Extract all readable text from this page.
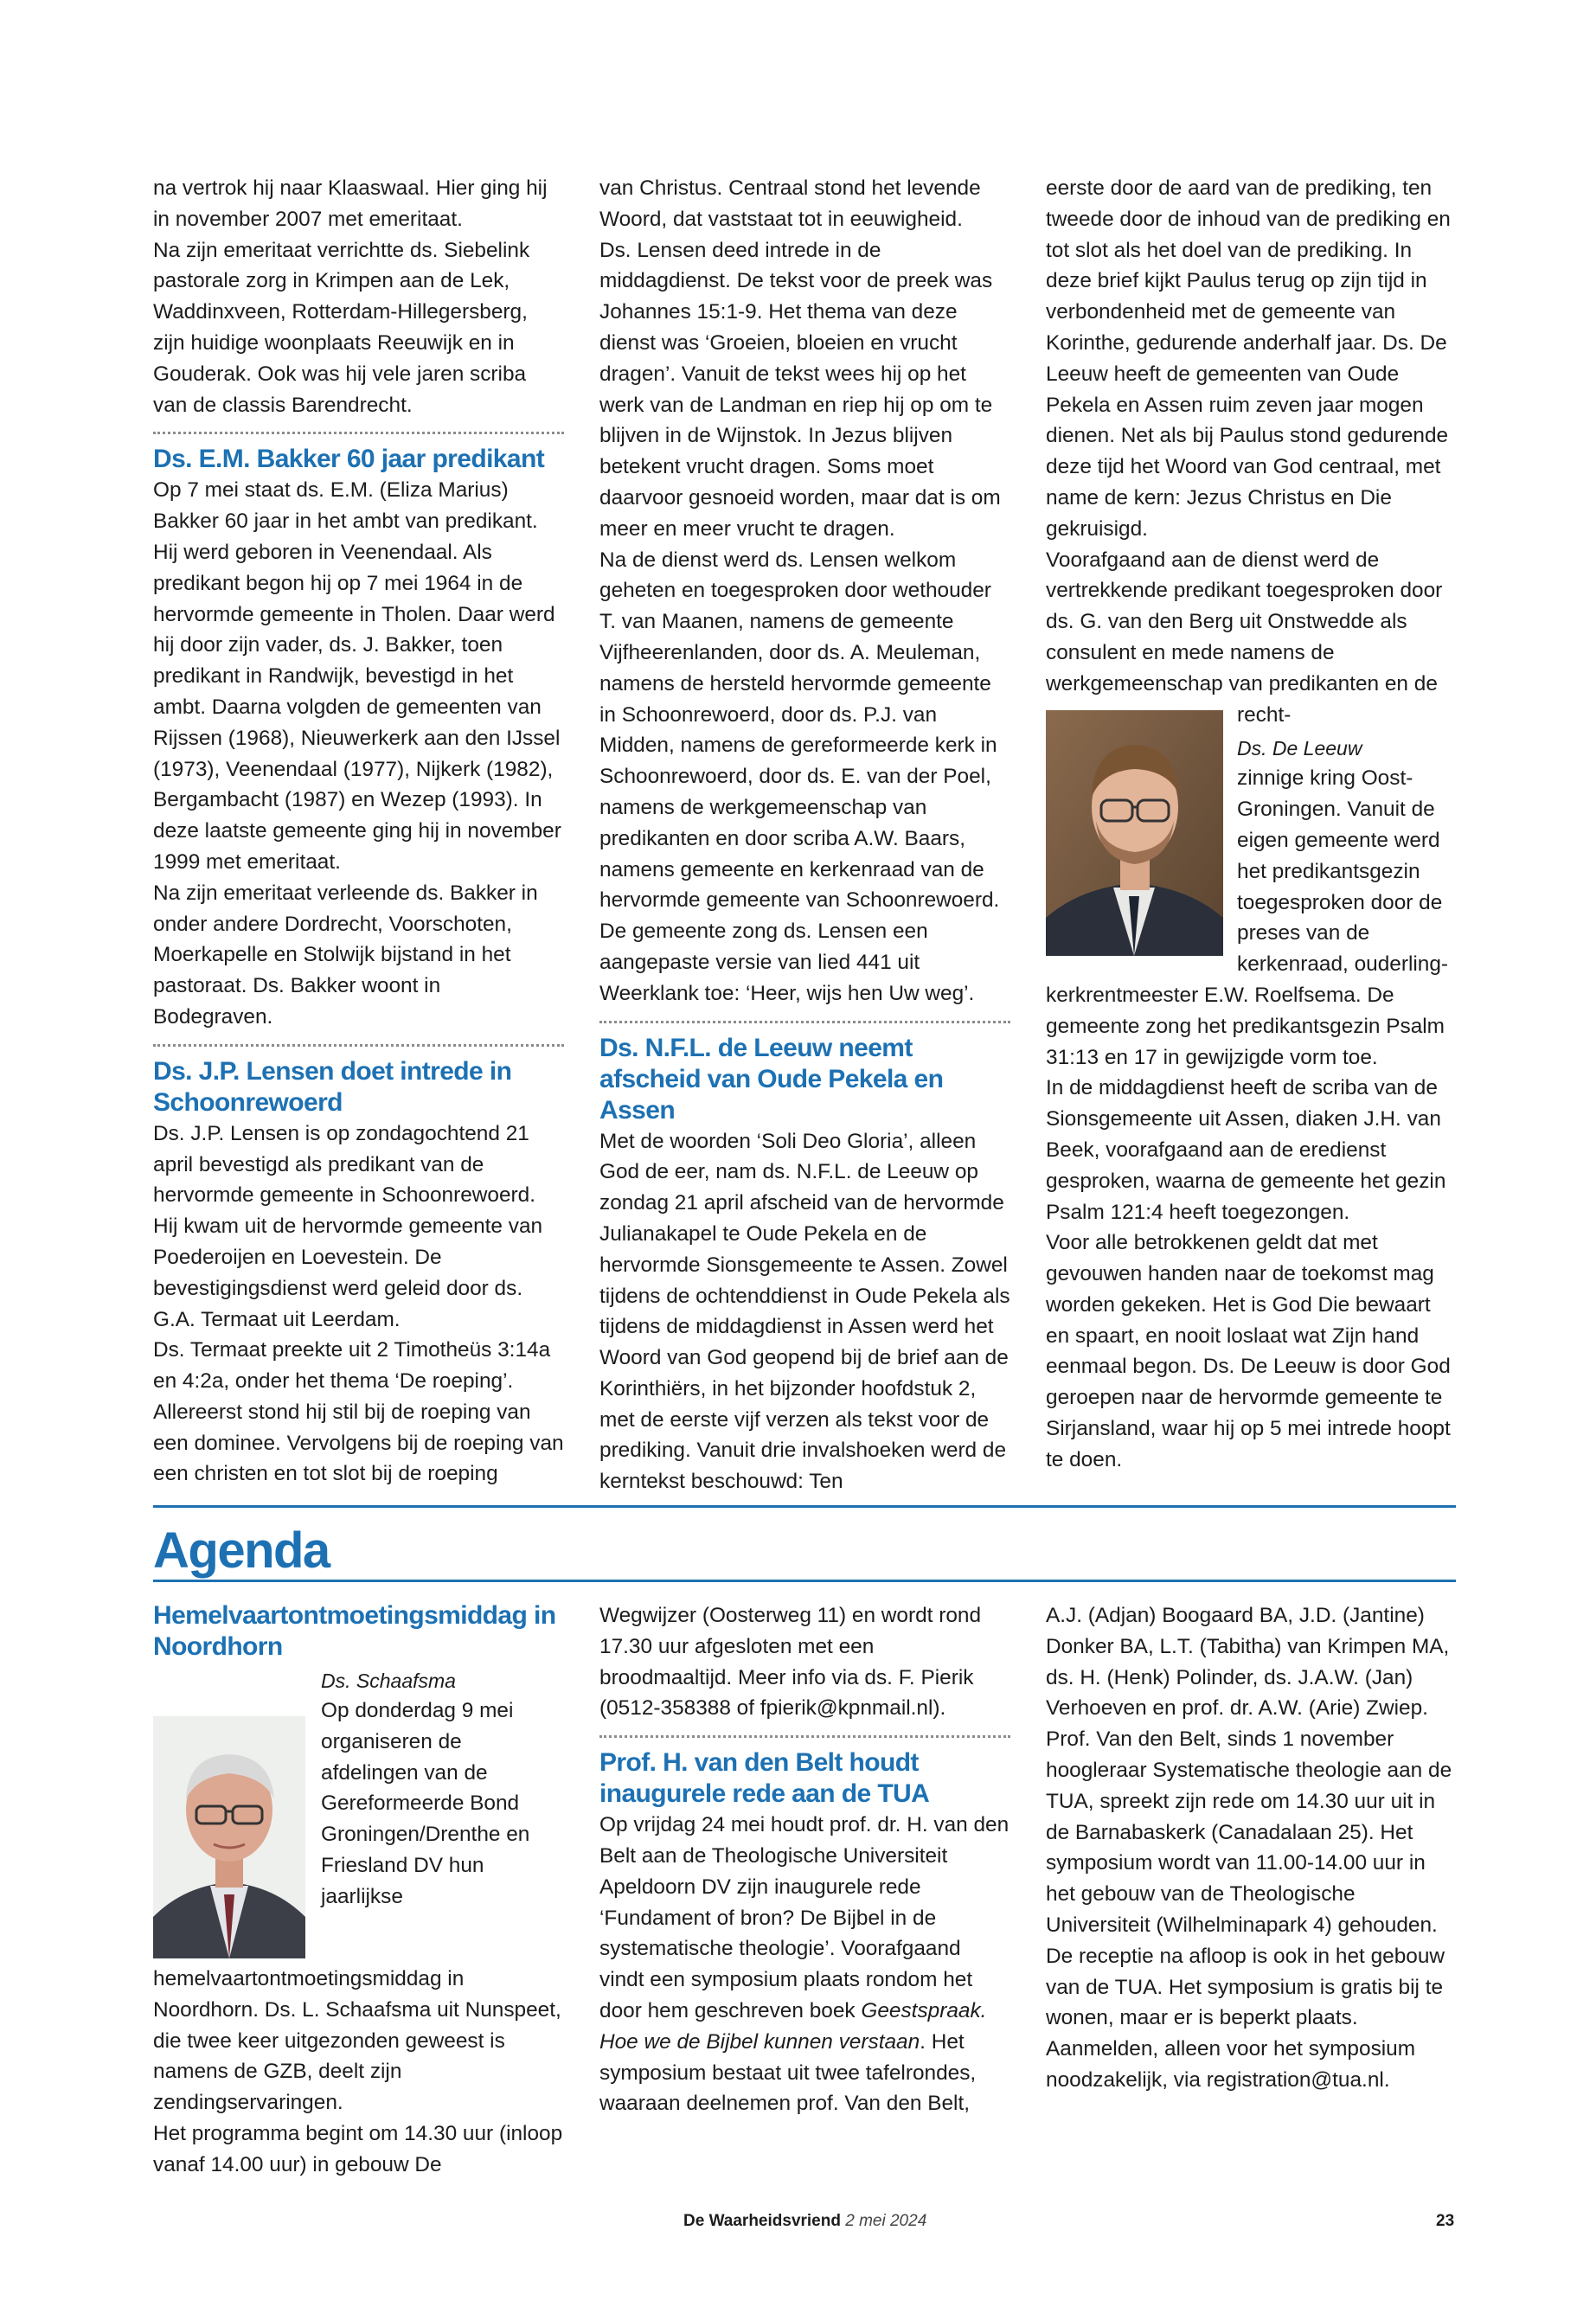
na vertrok hij naar Klaaswaal. Hier ging hij in november 2007 met emeritaat.

Na zijn emeritaat verrichtte ds. Siebelink pastorale zorg in Krimpen aan de Lek, Waddinxveen, Rotterdam-Hillegersberg, zijn huidige woonplaats Reeuwijk en in Gouderak. Ook was hij vele jaren scriba van de classis Barendrecht.

Ds. E.M. Bakker 60 jaar predikant

Op 7 mei staat ds. E.M. (Eliza Marius) Bakker 60 jaar in het ambt van predikant. Hij werd geboren in Veenendaal. Als predikant begon hij op 7 mei 1964 in de hervormde gemeente in Tholen. Daar werd hij door zijn vader, ds. J. Bakker, toen predikant in Randwijk, bevestigd in het ambt. Daarna volgden de gemeenten van Rijssen (1968), Nieuwerkerk aan den IJssel (1973), Veenendaal (1977), Nijkerk (1982), Bergambacht (1987) en Wezep (1993). In deze laatste gemeente ging hij in november 1999 met emeritaat.

Na zijn emeritaat verleende ds. Bakker in onder andere Dordrecht, Voorschoten, Moerkapelle en Stolwijk bijstand in het pastoraat. Ds. Bakker woont in Bodegraven.

Ds. J.P. Lensen doet intrede in Schoonrewoerd

Ds. J.P. Lensen is op zondagochtend 21 april bevestigd als predikant van de hervormde gemeente in Schoonrewoerd. Hij kwam uit de hervormde gemeente van Poederoijen en Loevestein. De bevestigingsdienst werd geleid door ds. G.A. Termaat uit Leerdam.

Ds. Termaat preekte uit 2 Timotheüs 3:14a en 4:2a, onder het thema ‘De roeping’. Allereerst stond hij stil bij de roeping van een dominee. Vervolgens bij de roeping van een christen en tot slot bij de roeping

van Christus. Centraal stond het levende Woord, dat vaststaat tot in eeuwigheid.

Ds. Lensen deed intrede in de middagdienst. De tekst voor de preek was Johannes 15:1-9. Het thema van deze dienst was ‘Groeien, bloeien en vrucht dragen’. Vanuit de tekst wees hij op het werk van de Landman en riep hij op om te blijven in de Wijnstok. In Jezus blijven betekent vrucht dragen. Soms moet daarvoor gesnoeid worden, maar dat is om meer en meer vrucht te dragen.

Na de dienst werd ds. Lensen welkom geheten en toegesproken door wethouder T. van Maanen, namens de gemeente Vijfheerenlanden, door ds. A. Meuleman, namens de hersteld hervormde gemeente in Schoonrewoerd, door ds. P.J. van Midden, namens de gereformeerde kerk in Schoonrewoerd, door ds. E. van der Poel, namens de werkgemeenschap van predikanten en door scriba A.W. Baars, namens gemeente en kerkenraad van de hervormde gemeente van Schoonrewoerd. De gemeente zong ds. Lensen een aangepaste versie van lied 441 uit Weerklank toe: ‘Heer, wijs hen Uw weg’.

Ds. N.F.L. de Leeuw neemt afscheid van Oude Pekela en Assen

Met de woorden ‘Soli Deo Gloria’, alleen God de eer, nam ds. N.F.L. de Leeuw op zondag 21 april afscheid van de hervormde Julianakapel te Oude Pekela en de hervormde Sionsgemeente te Assen. Zowel tijdens de ochtenddienst in Oude Pekela als tijdens de middagdienst in Assen werd het Woord van God geopend bij de brief aan de Korinthiërs, in het bijzonder hoofdstuk 2, met de eerste vijf verzen als tekst voor de prediking. Vanuit drie invalshoeken werd de kerntekst beschouwd: Ten

eerste door de aard van de prediking, ten tweede door de inhoud van de prediking en tot slot als het doel van de prediking. In deze brief kijkt Paulus terug op zijn tijd in verbondenheid met de gemeente van Korinthe, gedurende anderhalf jaar. Ds. De Leeuw heeft de gemeenten van Oude Pekela en Assen ruim zeven jaar mogen dienen. Net als bij Paulus stond gedurende deze tijd het Woord van God centraal, met name de kern: Jezus Christus en Die gekruisigd.

Voorafgaand aan de dienst werd de vertrekkende predikant toegesproken door ds. G. van den Berg uit Onstwedde als consulent en mede namens de werkgemeenschap van predikanten en de recht-

Ds. De Leeuw
zinnige kring Oost-Groningen. Vanuit de eigen gemeente werd het predikantsgezin toegesproken door de preses van de kerkenraad, ouderling-kerkrentmeester E.W. Roelfsema. De gemeente zong het predikantsgezin Psalm 31:13 en 17 in gewijzigde vorm toe.

In de middagdienst heeft de scriba van de Sionsgemeente uit Assen, diaken J.H. van Beek, voorafgaand aan de eredienst gesproken, waarna de gemeente het gezin Psalm 121:4 heeft toegezongen.

Voor alle betrokkenen geldt dat met gevouwen handen naar de toekomst mag worden gekeken. Het is God Die bewaart en spaart, en nooit loslaat wat Zijn hand eenmaal begon. Ds. De Leeuw is door God geroepen naar de hervormde gemeente te Sirjansland, waar hij op 5 mei intrede hoopt te doen.

Agenda
Hemelvaartontmoetingsmiddag in Noordhorn

Ds. Schaafsma
Op donderdag 9 mei organiseren de afdelingen van de Gereformeerde Bond Groningen/Drenthe en Friesland DV hun jaarlijkse hemelvaartontmoetingsmiddag in Noordhorn. Ds. L. Schaafsma uit Nunspeet, die twee keer uitgezonden geweest is namens de GZB, deelt zijn zendingservaringen.

Het programma begint om 14.30 uur (inloop vanaf 14.00 uur) in gebouw De

Wegwijzer (Oosterweg 11) en wordt rond 17.30 uur afgesloten met een broodmaaltijd. Meer info via ds. F. Pierik (0512-358388 of fpierik@kpnmail.nl).

Prof. H. van den Belt houdt inaugurele rede aan de TUA

Op vrijdag 24 mei houdt prof. dr. H. van den Belt aan de Theologische Universiteit Apeldoorn DV zijn inaugurele rede ‘Fundament of bron? De Bijbel in de systematische theologie’. Voorafgaand vindt een symposium plaats rondom het door hem geschreven boek Geestspraak. Hoe we de Bijbel kunnen verstaan. Het symposium bestaat uit twee tafelrondes, waaraan deelnemen prof. Van den Belt,

A.J. (Adjan) Boogaard BA, J.D. (Jantine) Donker BA, L.T. (Tabitha) van Krimpen MA, ds. H. (Henk) Polinder, ds. J.A.W. (Jan) Verhoeven en prof. dr. A.W. (Arie) Zwiep. Prof. Van den Belt, sinds 1 november hoogleraar Systematische theologie aan de TUA, spreekt zijn rede om 14.30 uur uit in de Barnabaskerk (Canadalaan 25). Het symposium wordt van 11.00-14.00 uur in het gebouw van de Theologische Universiteit (Wilhelminapark 4) gehouden. De receptie na afloop is ook in het gebouw van de TUA. Het symposium is gratis bij te wonen, maar er is beperkt plaats. Aanmelden, alleen voor het symposium noodzakelijk, via registration@tua.nl.

De Waarheidsvriend 2 mei 2024	23
